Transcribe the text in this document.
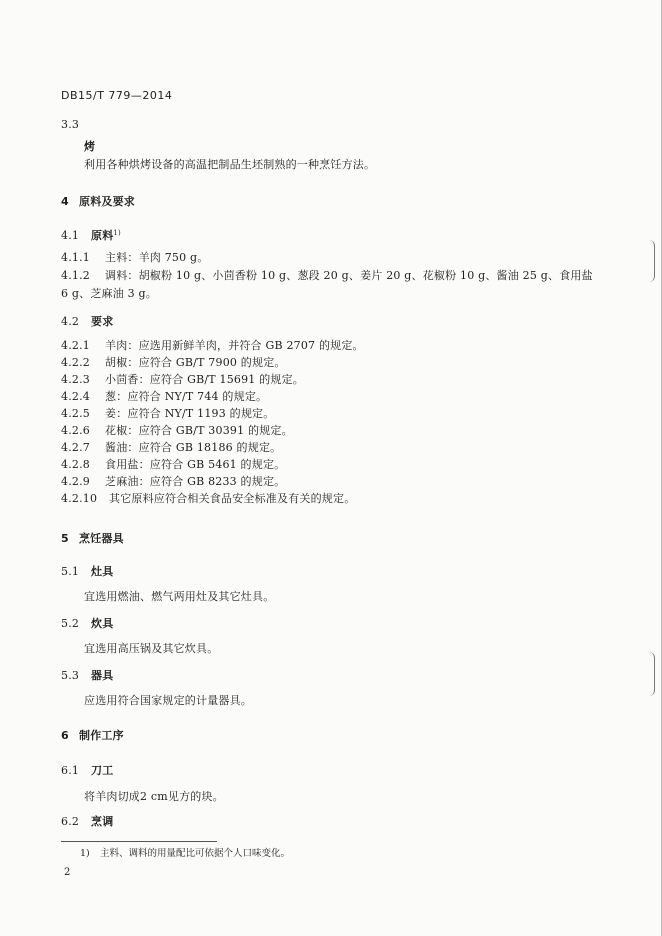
DB15/T 779—2014
3.3
烤
利用各种烘烤设备的高温把制品生坯制熟的一种烹饪方法。
4 原料及要求
4.1 原料$^{1)}$
4.1.1 主料：羊肉 750 g。
4.1.2 调料：胡椒粉 10 g、小茴香粉 10 g、葱段 20 g、姜片 20 g、花椒粉 10 g、酱油 25 g、食用盐
6 g、芝麻油 3 g。
4.2 要求
4.2.1 羊肉：应选用新鲜羊肉，并符合 GB 2707 的规定。
4.2.2 胡椒：应符合 GB/T 7900 的规定。
4.2.3 小茴香：应符合 GB/T 15691 的规定。
4.2.4 葱：应符合 NY/T 744 的规定。
4.2.5 姜：应符合 NY/T 1193 的规定。
4.2.6 花椒：应符合 GB/T 30391 的规定。
4.2.7 酱油：应符合 GB 18186 的规定。
4.2.8 食用盐：应符合 GB 5461 的规定。
4.2.9 芝麻油：应符合 GB 8233 的规定。
4.2.10 其它原料应符合相关食品安全标准及有关的规定。
5 烹饪器具
5.1 灶具
宜选用燃油、燃气两用灶及其它灶具。
5.2 炊具
宜选用高压锅及其它炊具。
5.3 器具
应选用符合国家规定的计量器具。
6 制作工序
6.1 刀工
将羊肉切成2 cm见方的块。
6.2 烹调
1) 主料、调料的用量配比可依据个人口味变化。
2
